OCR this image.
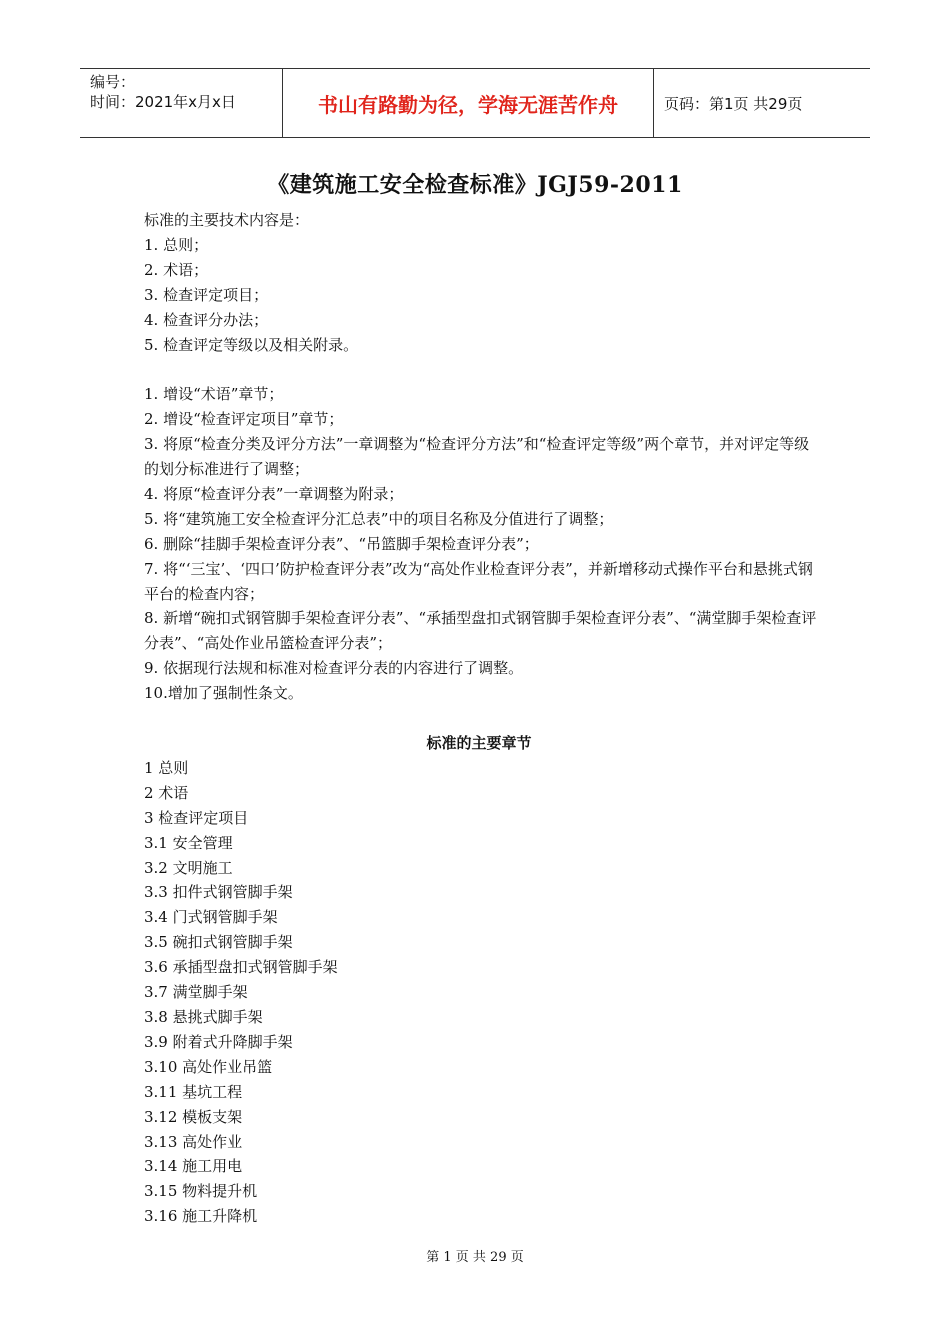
编号：
时间：2021年x月x日	书山有路勤为径，学海无涯苦作舟	页码：第1页 共29页
《建筑施工安全检查标准》JGJ59-2011
标准的主要技术内容是：
1. 总则；
2. 术语；
3. 检查评定项目；
4. 检查评分办法；
5. 检查评定等级以及相关附录。
1. 增设“术语”章节；
2. 增设“检查评定项目”章节；
3. 将原“检查分类及评分方法”一章调整为“检查评分方法”和“检查评定等级”两个章节，并对评定等级的划分标准进行了调整；
4. 将原“检查评分表”一章调整为附录；
5. 将“建筑施工安全检查评分汇总表”中的项目名称及分值进行了调整；
6. 删除“挂脚手架检查评分表”、“吊篮脚手架检查评分表”；
7. 将“‘三宝’、‘四口’防护检查评分表”改为“高处作业检查评分表”，并新增移动式操作平台和悬挑式钢平台的检查内容；
8. 新增“碗扣式钢管脚手架检查评分表”、“承插型盘扣式钢管脚手架检查评分表”、“满堂脚手架检查评分表”、“高处作业吊篮检查评分表”；
9. 依据现行法规和标准对检查评分表的内容进行了调整。
10.增加了强制性条文。
标准的主要章节
1 总则
2 术语
3 检查评定项目
3.1 安全管理
3.2 文明施工
3.3 扣件式钢管脚手架
3.4 门式钢管脚手架
3.5 碗扣式钢管脚手架
3.6 承插型盘扣式钢管脚手架
3.7 满堂脚手架
3.8 悬挑式脚手架
3.9 附着式升降脚手架
3.10 高处作业吊篮
3.11 基坑工程
3.12 模板支架
3.13 高处作业
3.14 施工用电
3.15 物料提升机
3.16 施工升降机
第 1 页 共 29 页
